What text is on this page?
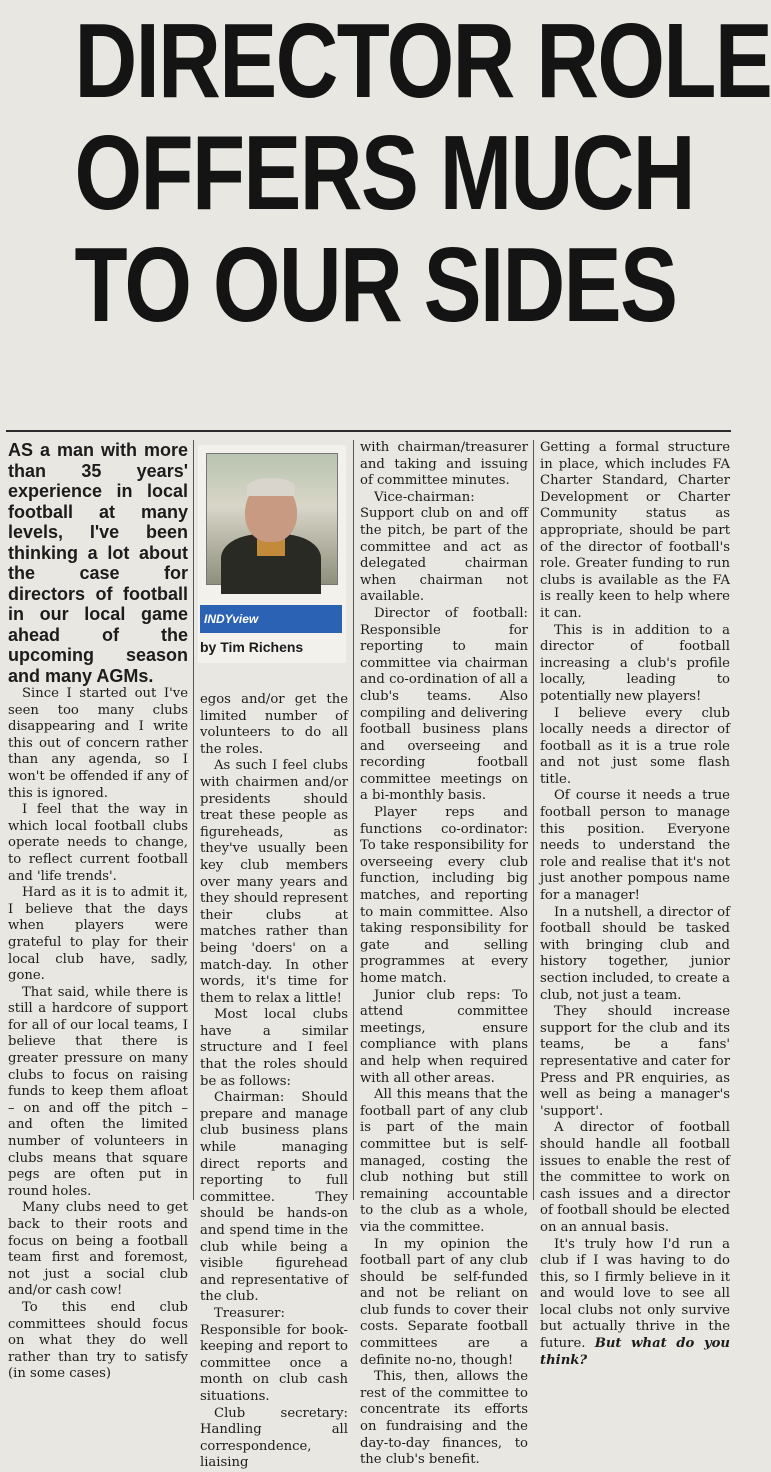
DIRECTOR ROLE
OFFERS MUCH
TO OUR SIDES

AS a man with more than 35 years' experience in local football at many levels, I've been thinking a lot about the case for directors of football in our local game ahead of the upcoming season and many AGMs.

Since I started out I've seen too many clubs disappearing and I write this out of concern rather than any agenda, so I won't be offended if any of this is ignored.

I feel that the way in which local football clubs operate needs to change, to reflect current football and 'life trends'.

Hard as it is to admit it, I believe that the days when players were grateful to play for their local club have, sadly, gone.

That said, while there is still a hardcore of support for all of our local teams, I believe that there is greater pressure on many clubs to focus on raising funds to keep them afloat – on and off the pitch – and often the limited number of volunteers in clubs means that square pegs are often put in round holes.

Many clubs need to get back to their roots and focus on being a football team first and foremost, not just a social club and/or cash cow!

To this end club committees should focus on what they do well rather than try to satisfy (in some cases)

INDYview
by Tim Richens

egos and/or get the limited number of volunteers to do all the roles.

As such I feel clubs with chairmen and/or presidents should treat these people as figureheads, as they've usually been key club members over many years and they should represent their clubs at matches rather than being 'doers' on a match-day. In other words, it's time for them to relax a little!

Most local clubs have a similar structure and I feel that the roles should be as follows:

Chairman: Should prepare and manage club business plans while managing direct reports and reporting to full committee. They should be hands-on and spend time in the club while being a visible figurehead and representative of the club.

Treasurer: Responsible for book-keeping and report to committee once a month on club cash situations.

Club secretary: Handling all correspondence, liaising

with chairman/treasurer and taking and issuing of committee minutes.

Vice-chairman: Support club on and off the pitch, be part of the committee and act as delegated chairman when chairman not available.

Director of football: Responsible for reporting to main committee via chairman and co-ordination of all a club's teams. Also compiling and delivering football business plans and overseeing and recording football committee meetings on a bi-monthly basis.

Player reps and functions co-ordinator: To take responsibility for overseeing every club function, including big matches, and reporting to main committee. Also taking responsibility for gate and selling programmes at every home match.

Junior club reps: To attend committee meetings, ensure compliance with plans and help when required with all other areas.

All this means that the football part of any club is part of the main committee but is self-managed, costing the club nothing but still remaining accountable to the club as a whole, via the committee.

In my opinion the football part of any club should be self-funded and not be reliant on club funds to cover their costs. Separate football committees are a definite no-no, though!

This, then, allows the rest of the committee to concentrate its efforts on fundraising and the day-to-day finances, to the club's benefit.

Getting a formal structure in place, which includes FA Charter Standard, Charter Development or Charter Community status as appropriate, should be part of the director of football's role. Greater funding to run clubs is available as the FA is really keen to help where it can.

This is in addition to a director of football increasing a club's profile locally, leading to potentially new players!

I believe every club locally needs a director of football as it is a true role and not just some flash title.

Of course it needs a true football person to manage this position. Everyone needs to understand the role and realise that it's not just another pompous name for a manager!

In a nutshell, a director of football should be tasked with bringing club and history together, junior section included, to create a club, not just a team.

They should increase support for the club and its teams, be a fans' representative and cater for Press and PR enquiries, as well as being a manager's 'support'.

A director of football should handle all football issues to enable the rest of the committee to work on cash issues and a director of football should be elected on an annual basis.

It's truly how I'd run a club if I was having to do this, so I firmly believe in it and would love to see all local clubs not only survive but actually thrive in the future. But what do you think?
